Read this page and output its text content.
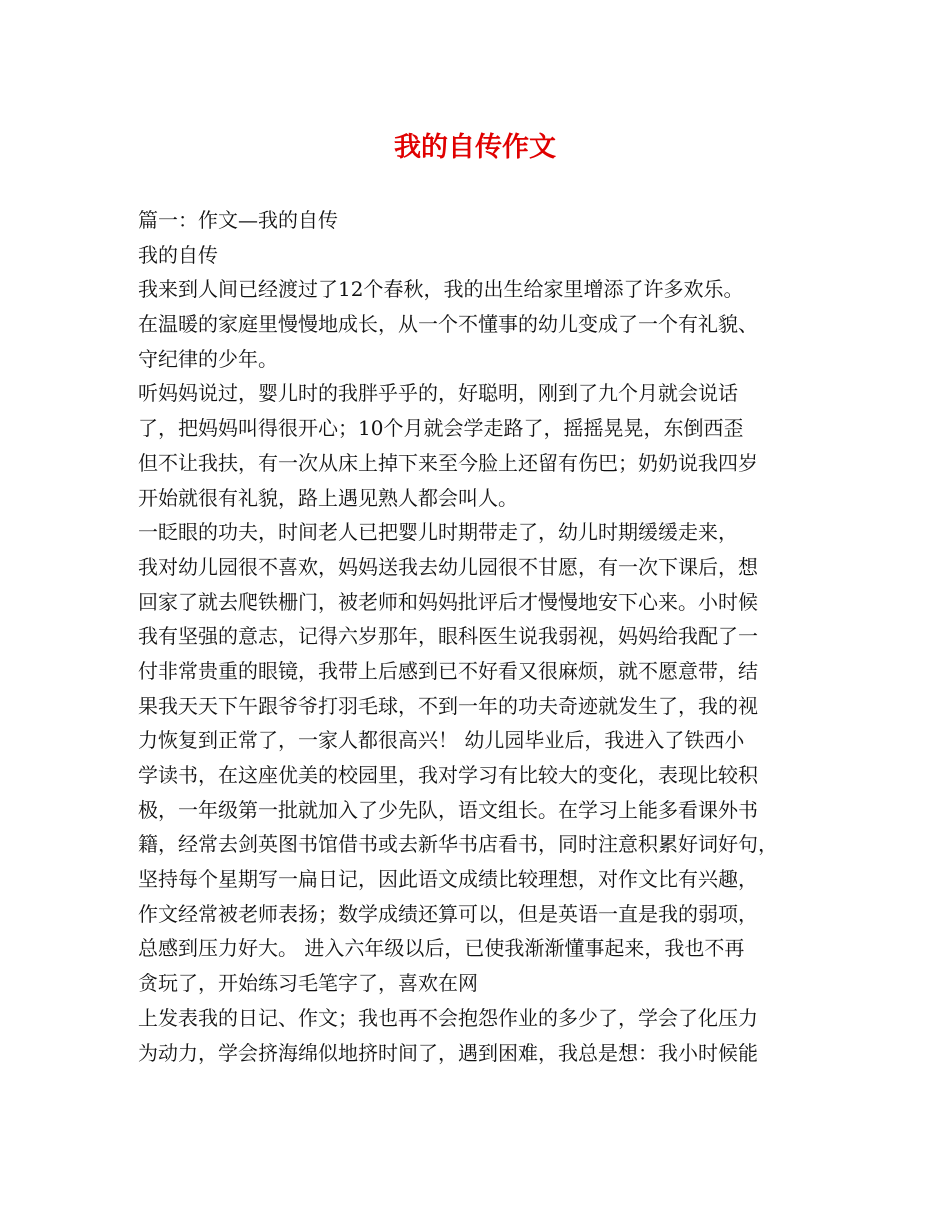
我的自传作文
篇一：作文—我的自传
我的自传
我来到人间已经渡过了12个春秋，我的出生给家里增添了许多欢乐。
在温暖的家庭里慢慢地成长，从一个不懂事的幼儿变成了一个有礼貌、
守纪律的少年。
听妈妈说过，婴儿时的我胖乎乎的，好聪明，刚到了九个月就会说话
了，把妈妈叫得很开心；10个月就会学走路了，摇摇晃晃，东倒西歪
但不让我扶，有一次从床上掉下来至今脸上还留有伤巴；奶奶说我四岁
开始就很有礼貌，路上遇见熟人都会叫人。
一眨眼的功夫，时间老人已把婴儿时期带走了，幼儿时期缓缓走来，
我对幼儿园很不喜欢，妈妈送我去幼儿园很不甘愿，有一次下课后，想
回家了就去爬铁栅门，被老师和妈妈批评后才慢慢地安下心来。小时候
我有坚强的意志，记得六岁那年，眼科医生说我弱视，妈妈给我配了一
付非常贵重的眼镜，我带上后感到已不好看又很麻烦，就不愿意带，结
果我天天下午跟爷爷打羽毛球，不到一年的功夫奇迹就发生了，我的视
力恢复到正常了，一家人都很高兴！ 幼儿园毕业后，我进入了铁西小
学读书，在这座优美的校园里，我对学习有比较大的变化，表现比较积
极，一年级第一批就加入了少先队，语文组长。在学习上能多看课外书
籍，经常去剑英图书馆借书或去新华书店看书，同时注意积累好词好句，
坚持每个星期写一扁日记，因此语文成绩比较理想，对作文比有兴趣，
作文经常被老师表扬；数学成绩还算可以，但是英语一直是我的弱项，
总感到压力好大。 进入六年级以后，已使我渐渐懂事起来，我也不再
贪玩了，开始练习毛笔字了，喜欢在网
上发表我的日记、作文；我也再不会抱怨作业的多少了，学会了化压力
为动力，学会挤海绵似地挤时间了，遇到困难，我总是想：我小时候能
